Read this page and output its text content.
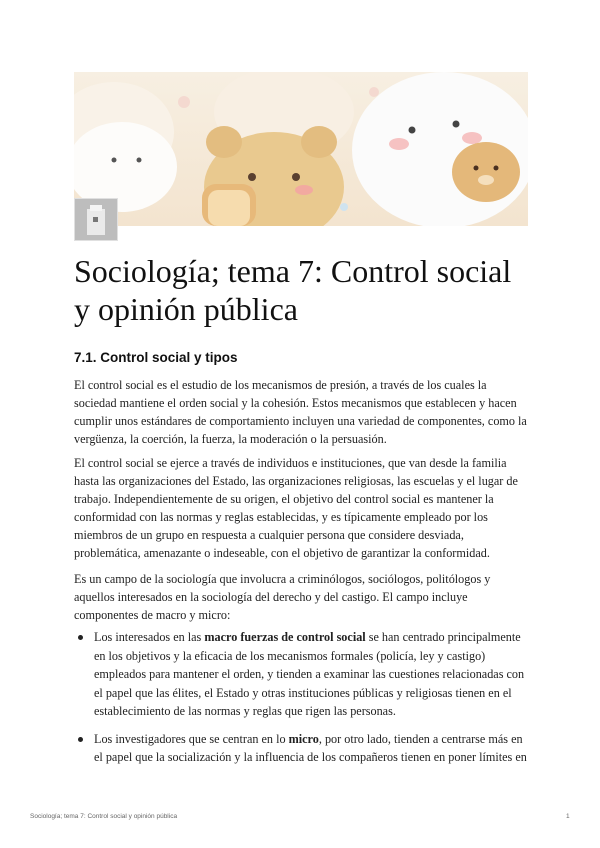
Sociología; tema 7: Control social y opinión pública
7.1. Control social y tipos

El control social es el estudio de los mecanismos de presión, a través de los cuales la sociedad mantiene el orden social y la cohesión. Estos mecanismos que establecen y hacen cumplir unos estándares de comportamiento incluyen una variedad de componentes, como la vergüenza, la coerción, la fuerza, la moderación o la persuasión.

El control social se ejerce a través de individuos e instituciones, que van desde la familia hasta las organizaciones del Estado, las organizaciones religiosas, las escuelas y el lugar de trabajo. Independientemente de su origen, el objetivo del control social es mantener la conformidad con las normas y reglas establecidas, y es típicamente empleado por los miembros de un grupo en respuesta a cualquier persona que considere desviada, problemática, amenazante o indeseable, con el objetivo de garantizar la conformidad.

Es un campo de la sociología que involucra a criminólogos, sociólogos, politólogos y aquellos interesados en la sociología del derecho y del castigo. El campo incluye componentes de macro y micro:

Los interesados en las macro fuerzas de control social se han centrado principalmente en los objetivos y la eficacia de los mecanismos formales (policía, ley y castigo) empleados para mantener el orden, y tienden a examinar las cuestiones relacionadas con el papel que las élites, el Estado y otras instituciones públicas y religiosas tienen en el establecimiento de las normas y reglas que rigen las personas.
Los investigadores que se centran en lo micro, por otro lado, tienden a centrarse más en el papel que la socialización y la influencia de los compañeros tienen en poner límites en
Sociología; tema 7: Control social y opinión pública	1
